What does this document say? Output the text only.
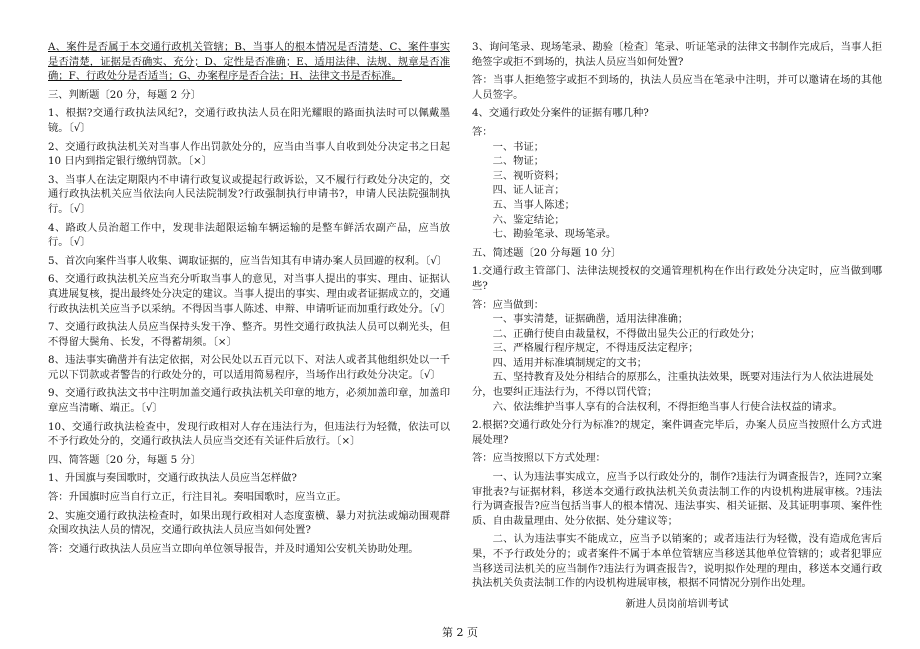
A、案件是否属于本交通行政机关管辖；B、当事人的根本情况是否清楚、C、案件事实是否清楚，证据是否确实、充分；D、定性是否准确；E、适用法律、法规、规章是否准确；F、行政处分是否适当；G、办案程序是否合法；H、法律文书是否标准。

三、判断题〔20 分，每题 2 分〕

1、根据?交通行政执法风纪?，交通行政执法人员在阳光耀眼的路面执法时可以佩戴墨镜。〔√〕

2、交通行政执法机关对当事人作出罚款处分的，应当由当事人自收到处分决定书之日起 10 日内到指定银行缴纳罚款。〔×〕

3、当事人在法定期限内不申请行政复议或提起行政诉讼，又不履行行政处分决定的，交通行政执法机关应当依法向人民法院制发?行政强制执行申请书?，申请人民法院强制执行。〔√〕

4、路政人员治超工作中，发现非法超限运输车辆运输的是整车鲜活农副产品，应当放行。〔√〕

5、首次向案件当事人收集、调取证据的，应当告知其有申请办案人员回避的权利。〔√〕

6、交通行政执法机关应当充分听取当事人的意见，对当事人提出的事实、理由、证据认真进展复核，提出最终处分决定的建议。当事人提出的事实、理由或者证据成立的，交通行政执法机关应当予以采纳。不得因当事人陈述、申辩、申请听证而加重行政处分。〔√〕

7、交通行政执法人员应当保持头发干净、整齐。男性交通行政执法人员可以剃光头，但不得留大鬓角、长发，不得蓄胡须。〔×〕

8、违法事实确凿并有法定依据，对公民处以五百元以下、对法人或者其他组织处以一千元以下罚款或者警告的行政处分的，可以适用简易程序，当场作出行政处分决定。〔√〕

9、交通行政执法文书中注明加盖交通行政执法机关印章的地方，必须加盖印章，加盖印章应当清晰、端正。〔√〕

10、交通行政执法检查中，发现行政相对人存在违法行为，但违法行为轻微，依法可以不予行政处分的，交通行政执法人员应当交还有关证件后放行。〔×〕

四、简答题〔20 分，每题 5 分〕

1、升国旗与奏国歌时，交通行政执法人员应当怎样做?

答：升国旗时应当自行立正，行注目礼。奏唱国歌时，应当立正。

2、实施交通行政执法检查时，如果出现行政相对人态度蛮横、暴力对抗法或煽动围观群众围攻执法人员的情况，交通行政执法人员应当如何处置?

答：交通行政执法人员应当立即向单位领导报告，并及时通知公安机关协助处理。

3、询问笔录、现场笔录、勘验〔检查〕笔录、听证笔录的法律文书制作完成后，当事人拒绝签字或拒不到场的，执法人员应当如何处置?

答：当事人拒绝签字或拒不到场的，执法人员应当在笔录中注明，并可以邀请在场的其他人员签字。

4、交通行政处分案件的证据有哪几种?

答：

一、书证；

二、物证；

三、视听资料；

四、证人证言；

五、当事人陈述；

六、鉴定结论；

七、勘验笔录、现场笔录。

五、简述题〔20 分每题 10 分〕

1.交通行政主管部门、法律法规授权的交通管理机构在作出行政处分决定时，应当做到哪些?

答：应当做到：

一、事实清楚，证据确凿，适用法律准确；

二、正确行使自由裁量权，不得做出显失公正的行政处分；

三、严格履行程序规定，不得违反法定程序；

四、适用并标准填制规定的文书；

五、坚持教育及处分相结合的原那么，注重执法效果，既要对违法行为人依法进展处分，也要纠正违法行为，不得以罚代管；

六、依法维护当事人享有的合法权利，不得拒绝当事人行使合法权益的请求。

2.根据?交通行政处分行为标准?的规定，案件调查完毕后，办案人员应当按照什么方式进展处理?

答：应当按照以下方式处理：

一、认为违法事实成立，应当予以行政处分的，制作?违法行为调查报告?，连同?立案审批表?与证据材料，移送本交通行政执法机关负责法制工作的内设机构进展审核。?违法行为调查报告?应当包括当事人的根本情况、违法事实、相关证据、及其证明事项、案件性质、自由裁量理由、处分依据、处分建议等；

二、认为违法事实不能成立，应当予以销案的；或者违法行为轻微，没有造成危害后果，不予行政处分的；或者案件不属于本单位管辖应当移送其他单位管辖的；或者犯罪应当移送司法机关的应当制作?违法行为调查报告?，说明拟作处理的理由，移送本交通行政执法机关负责法制工作的内设机构进展审核，根据不同情况分别作出处理。

新进人员岗前培训考试

第 2 页
